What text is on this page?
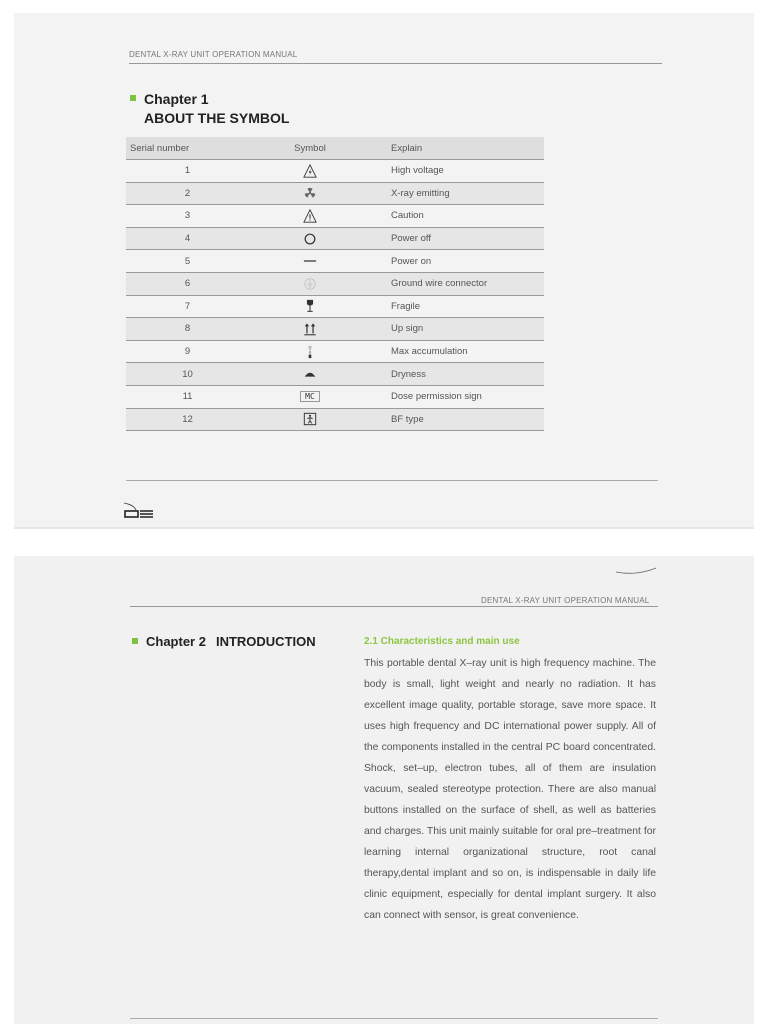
DENTAL X-RAY UNIT OPERATION MANUAL
Chapter 1
ABOUT THE SYMBOL
Serial number	Symbol	Explain
1		High voltage
2		X-ray emitting
3		Caution
4		Power off
5		Power on
6		Ground wire connector
7		Fragile
8		Up sign
9		Max accumulation
10		Dryness
11	MC	Dose permission sign
12		BF type
DENTAL X-RAY UNIT OPERATION MANUAL
Chapter 2 INTRODUCTION	2.1 Characteristics and main use
This portable dental X–ray unit is high frequency machine. The body is small, light weight and nearly no radiation. It has excellent image quality, portable storage, save more space. It uses high frequency and DC international power supply. All of the components installed in the central PC board concentrated. Shock, set–up, electron tubes, all of them are insulation vacuum, sealed stereotype protection. There are also manual buttons installed on the surface of shell, as well as batteries and charges. This unit mainly suitable for oral pre–treatment for learning internal organizational structure, root canal therapy,dental implant and so on, is indispensable in daily life clinic equipment, especially for dental implant surgery. It also can connect with sensor, is great convenience.
